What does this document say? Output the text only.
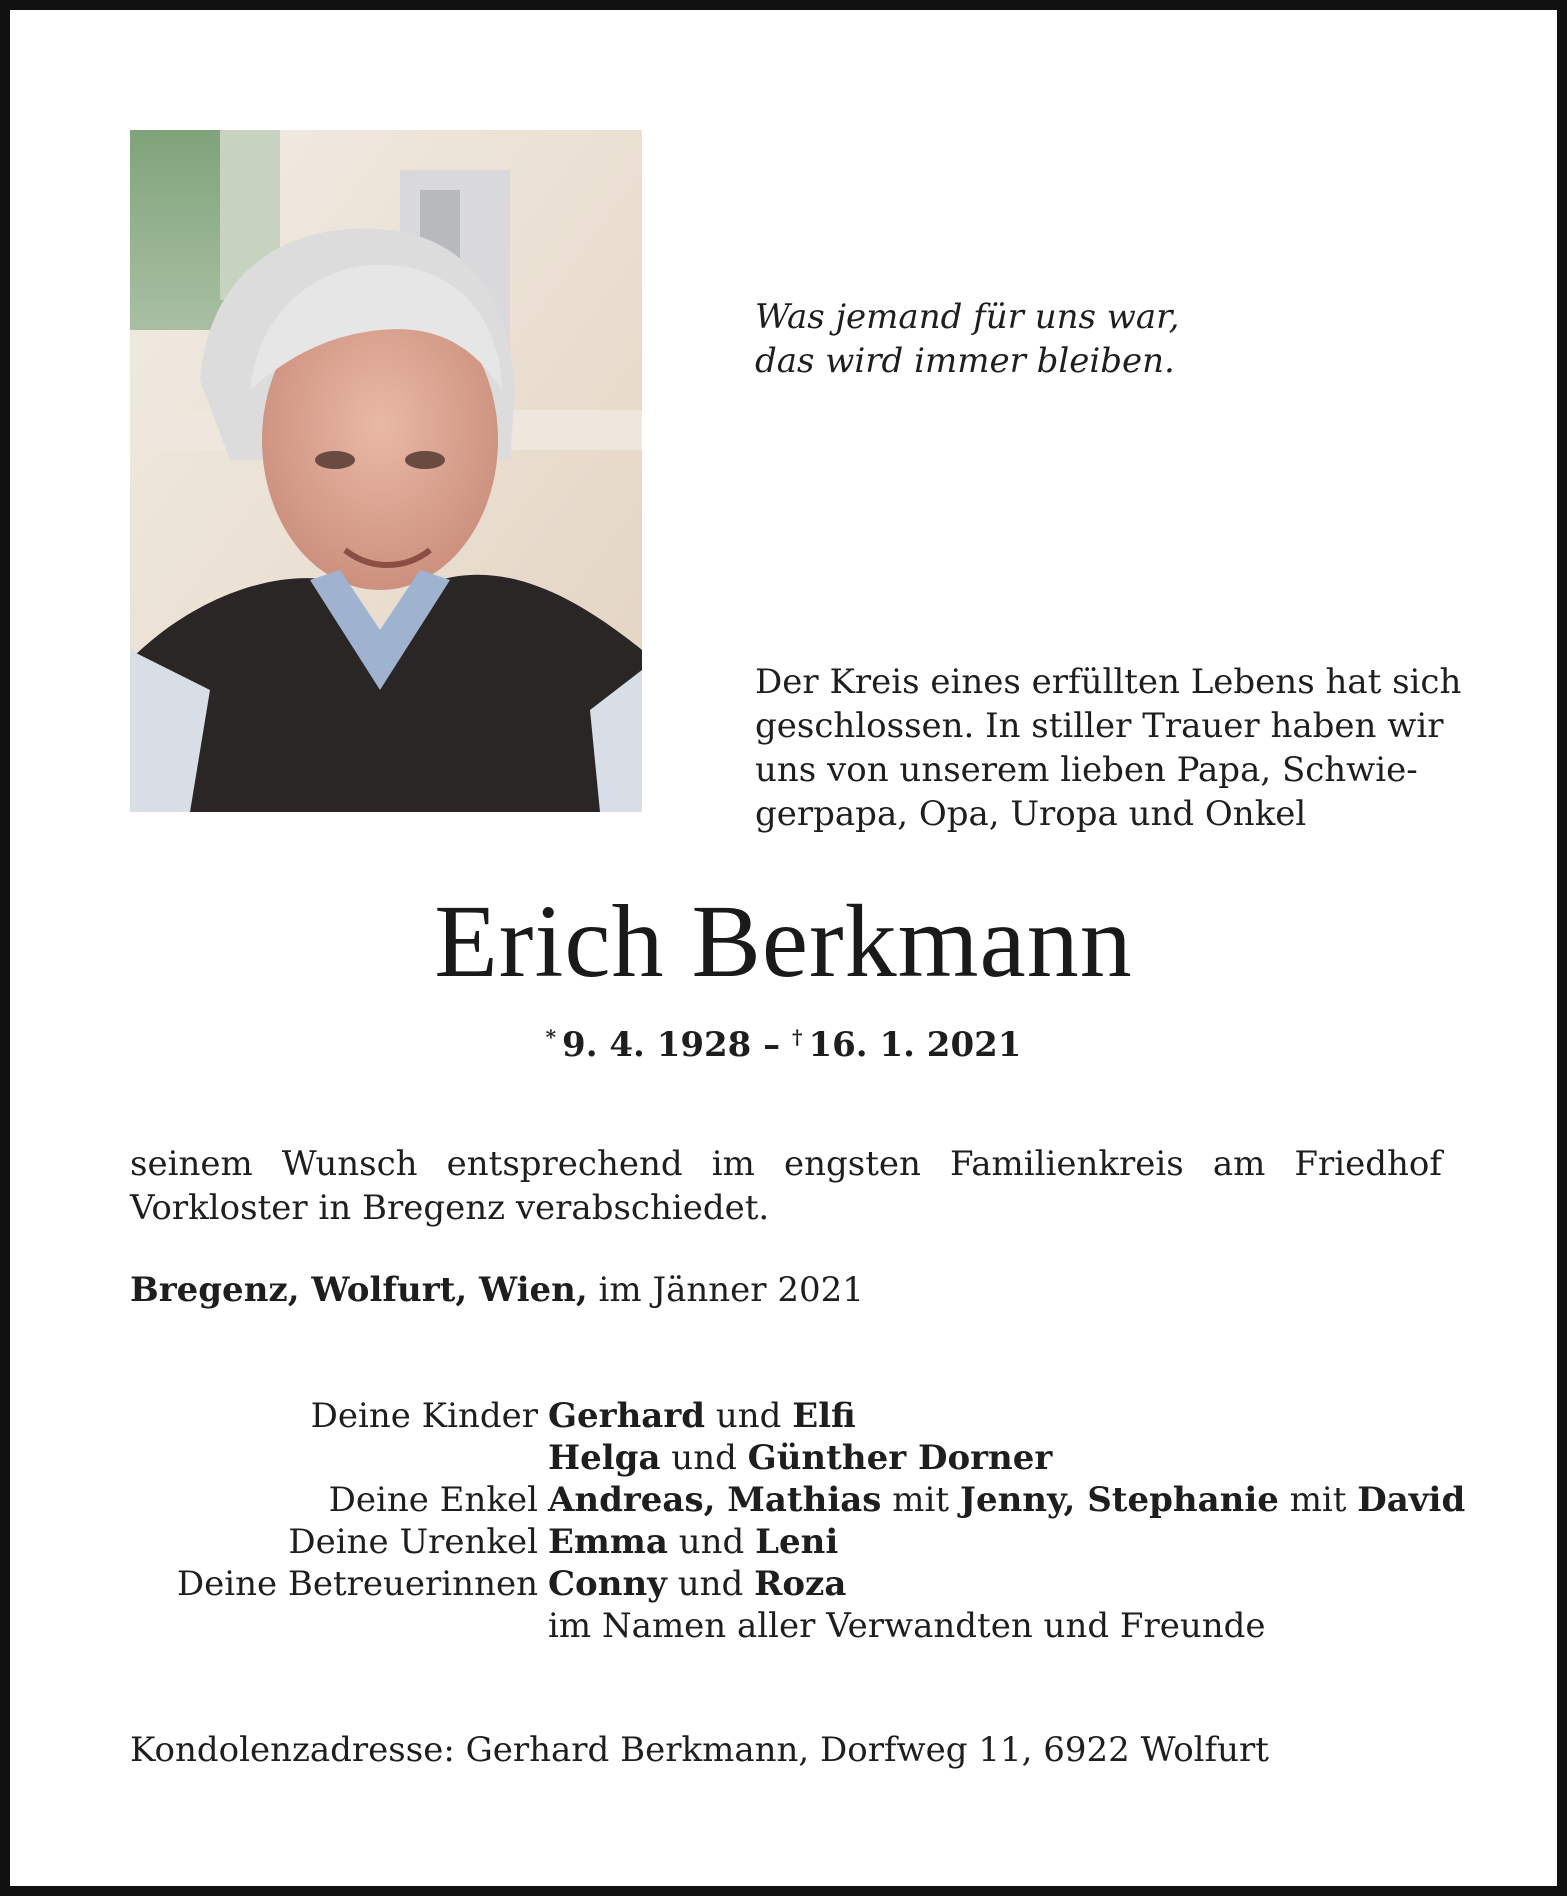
Was jemand für uns war,
das wird immer bleiben.
Der Kreis eines erfüllten Lebens hat sich
geschlossen. In stiller Trauer haben wir
uns von unserem lieben Papa, Schwie-
gerpapa, Opa, Uropa und Onkel
Erich Berkmann
* 9. 4. 1928 – † 16. 1. 2021
seinem Wunsch entsprechend im engsten Familienkreis am Friedhof
Vorkloster in Bregenz verabschiedet.
Bregenz, Wolfurt, Wien, im Jänner 2021
Deine Kinder Gerhard und Elfi
Helga und Günther Dorner
Deine Enkel Andreas, Mathias mit Jenny, Stephanie mit David
Deine Urenkel Emma und Leni
Deine Betreuerinnen Conny und Roza
im Namen aller Verwandten und Freunde
Kondolenzadresse: Gerhard Berkmann, Dorfweg 11, 6922 Wolfurt
